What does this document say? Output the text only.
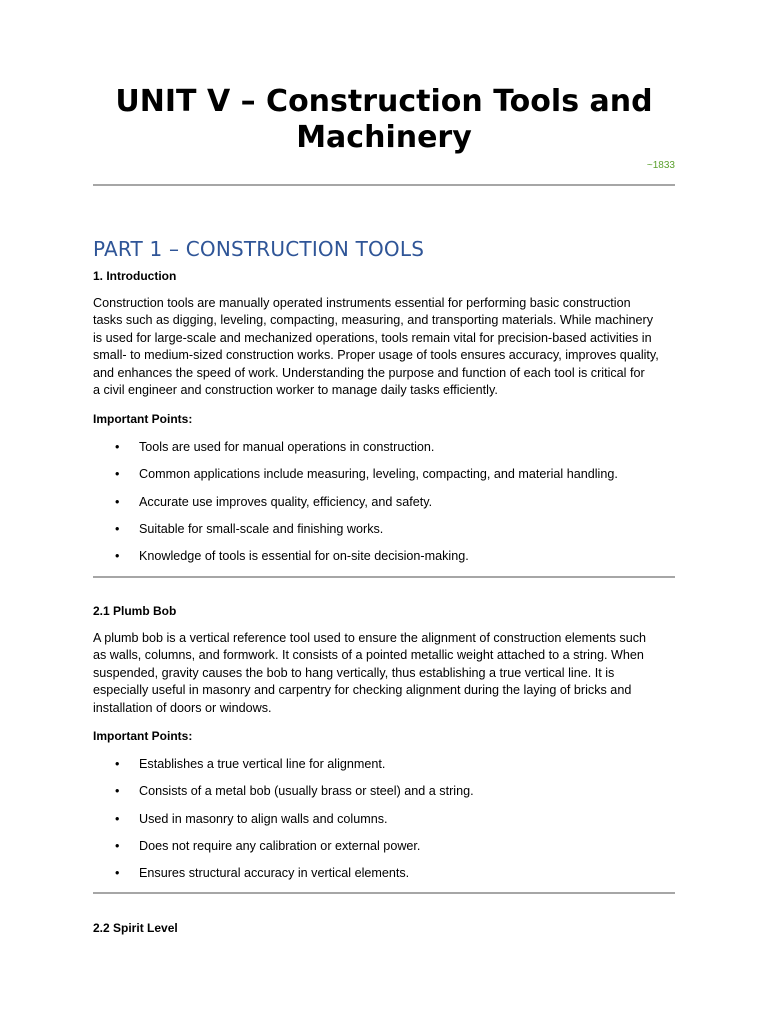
UNIT V – Construction Tools and Machinery
~1833
PART 1 – CONSTRUCTION TOOLS
1. Introduction
Construction tools are manually operated instruments essential for performing basic construction
tasks such as digging, leveling, compacting, measuring, and transporting materials. While machinery
is used for large-scale and mechanized operations, tools remain vital for precision-based activities in
small- to medium-sized construction works. Proper usage of tools ensures accuracy, improves quality,
and enhances the speed of work. Understanding the purpose and function of each tool is critical for
a civil engineer and construction worker to manage daily tasks efficiently.
Important Points:
• Tools are used for manual operations in construction.
• Common applications include measuring, leveling, compacting, and material handling.
• Accurate use improves quality, efficiency, and safety.
• Suitable for small-scale and finishing works.
• Knowledge of tools is essential for on-site decision-making.
2.1 Plumb Bob
A plumb bob is a vertical reference tool used to ensure the alignment of construction elements such
as walls, columns, and formwork. It consists of a pointed metallic weight attached to a string. When
suspended, gravity causes the bob to hang vertically, thus establishing a true vertical line. It is
especially useful in masonry and carpentry for checking alignment during the laying of bricks and
installation of doors or windows.
Important Points:
• Establishes a true vertical line for alignment.
• Consists of a metal bob (usually brass or steel) and a string.
• Used in masonry to align walls and columns.
• Does not require any calibration or external power.
• Ensures structural accuracy in vertical elements.
2.2 Spirit Level
